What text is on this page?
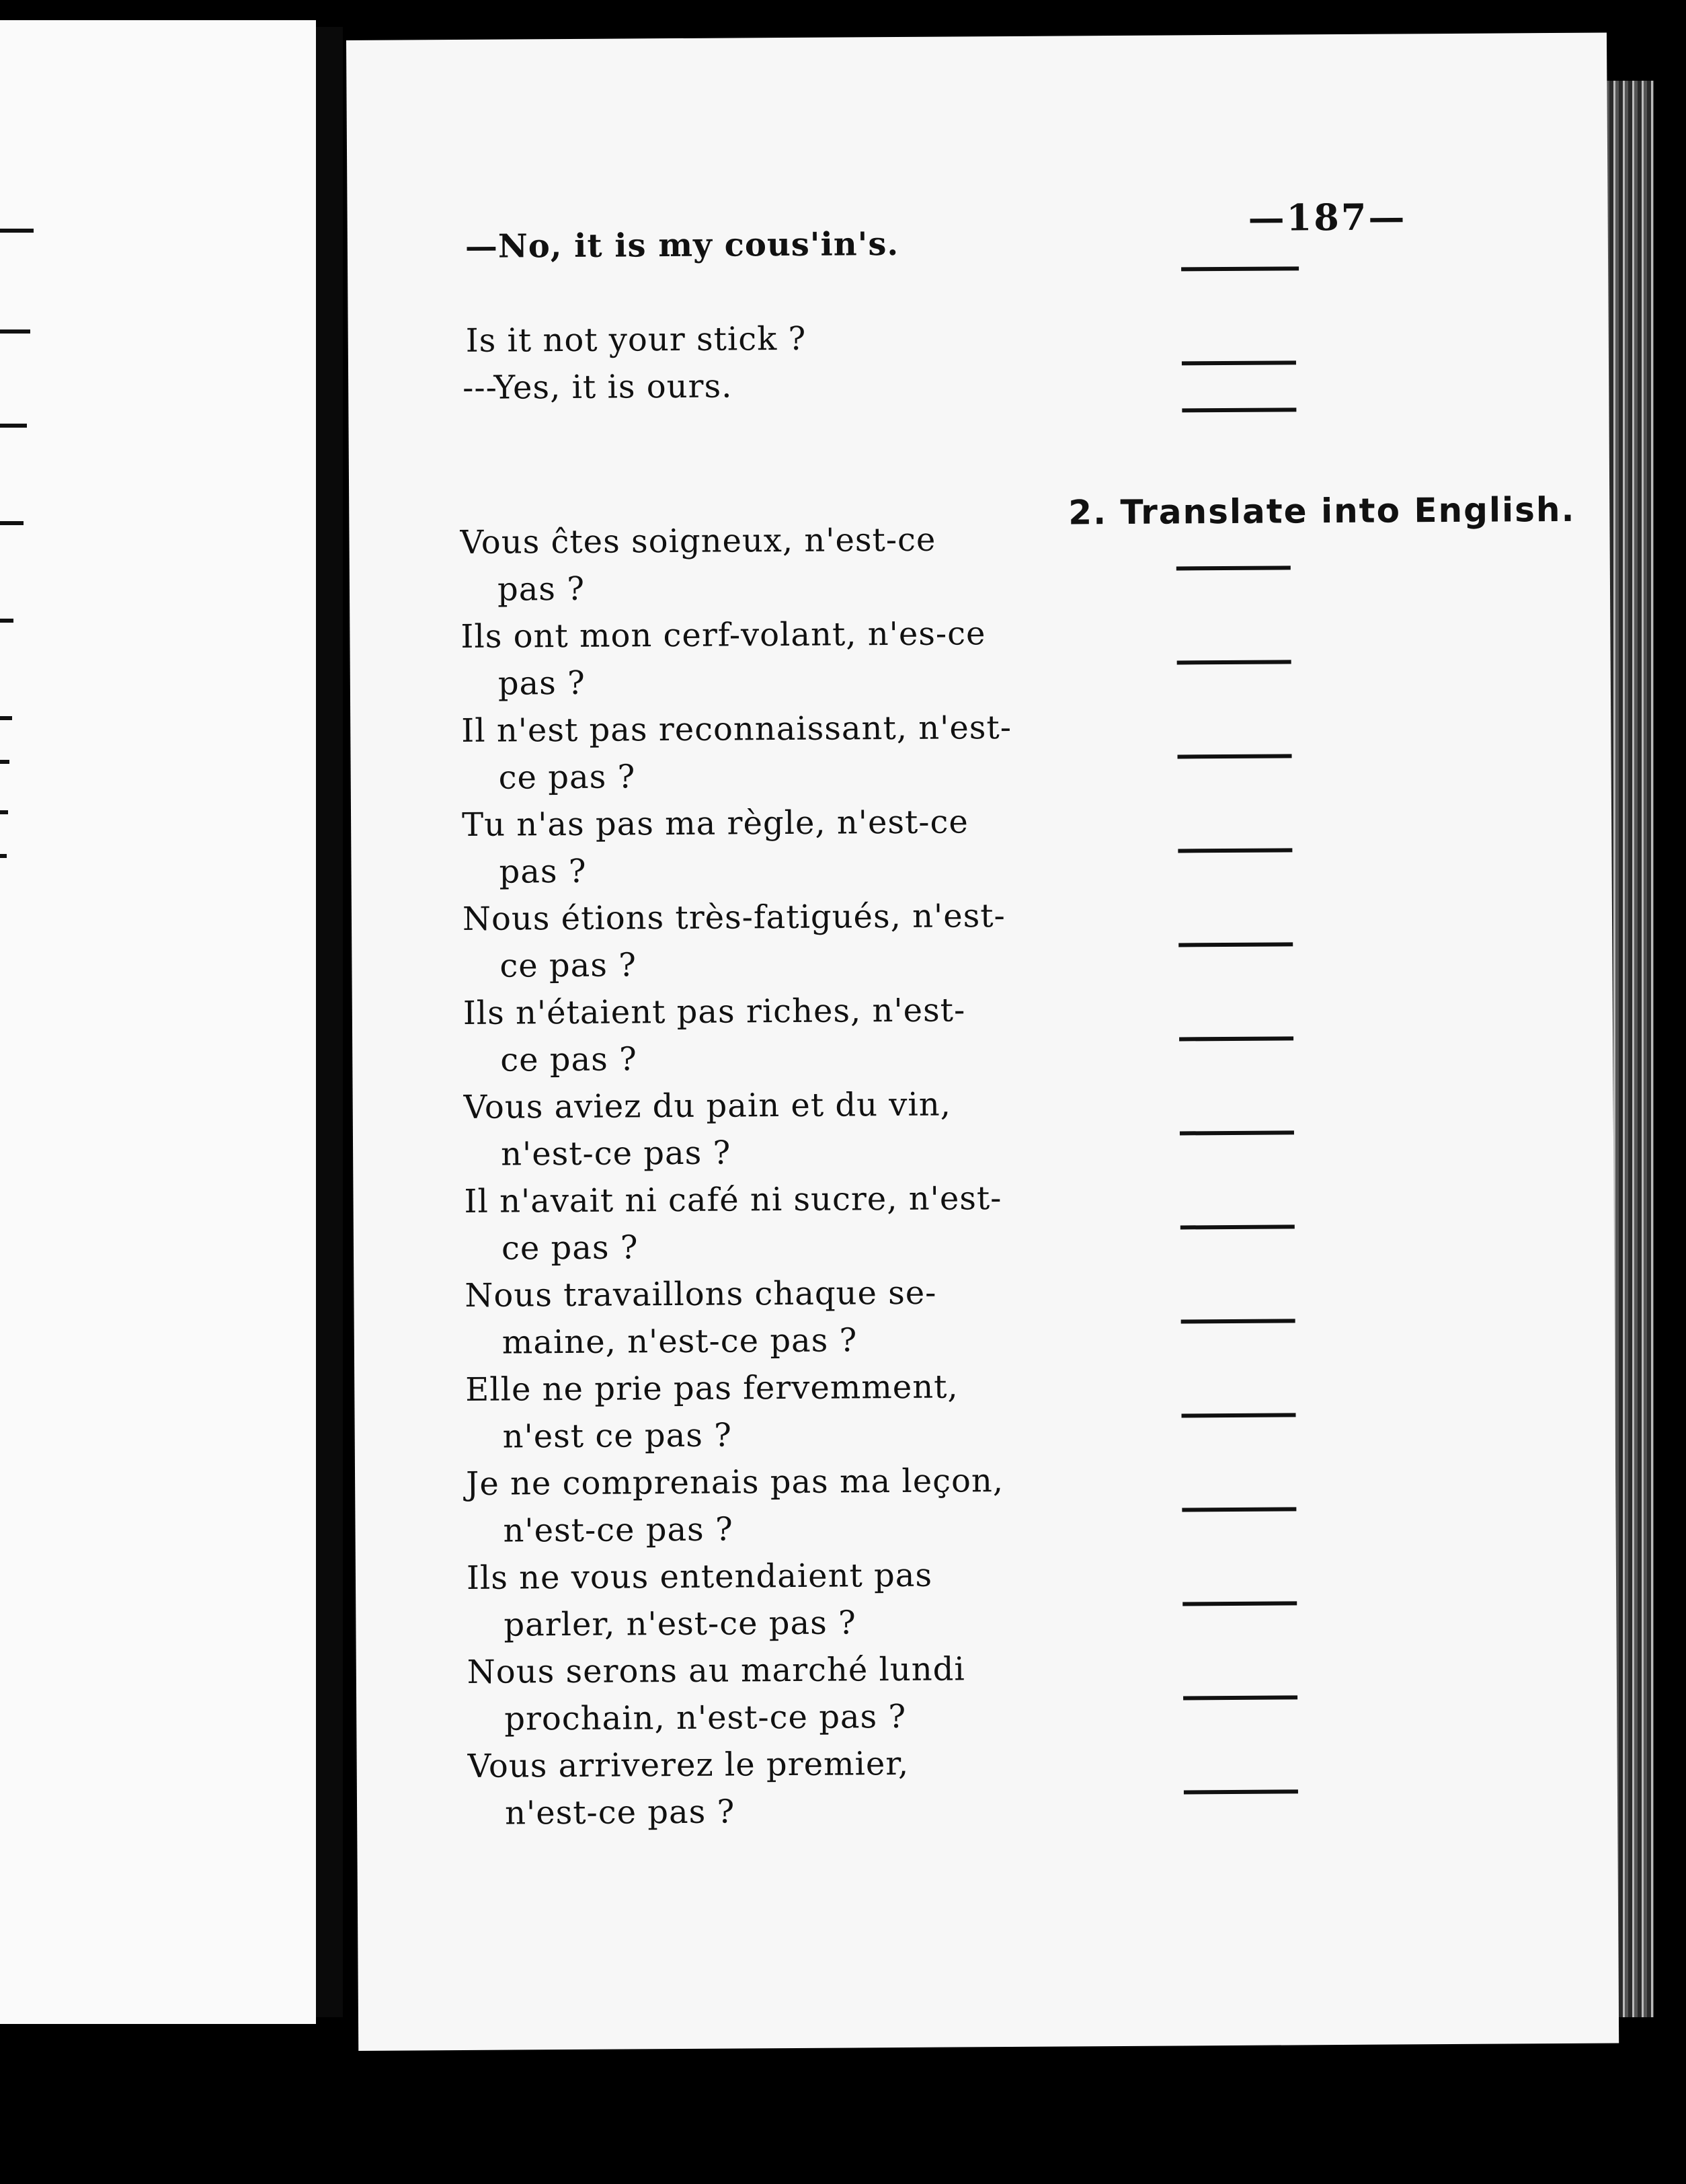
—187—
—No, it is my cous'in's.
Is it not your stick ?
---Yes, it is ours.
2. Translate into English.
Vous ĉtes soigneux, n'est-ce
pas ?
Ils ont mon cerf-volant, n'es-ce
pas ?
Il n'est pas reconnaissant, n'est-
ce pas ?
Tu n'as pas ma règle, n'est-ce
pas ?
Nous étions très-fatigués, n'est-
ce pas ?
Ils n'étaient pas riches, n'est-
ce pas ?
Vous aviez du pain et du vin,
n'est-ce pas ?
Il n'avait ni café ni sucre, n'est-
ce pas ?
Nous travaillons chaque se-
maine, n'est-ce pas ?
Elle ne prie pas fervemment,
n'est ce pas ?
Je ne comprenais pas ma leçon,
n'est-ce pas ?
Ils ne vous entendaient pas
parler, n'est-ce pas ?
Nous serons au marché lundi
prochain, n'est-ce pas ?
Vous arriverez le premier,
n'est-ce pas ?
